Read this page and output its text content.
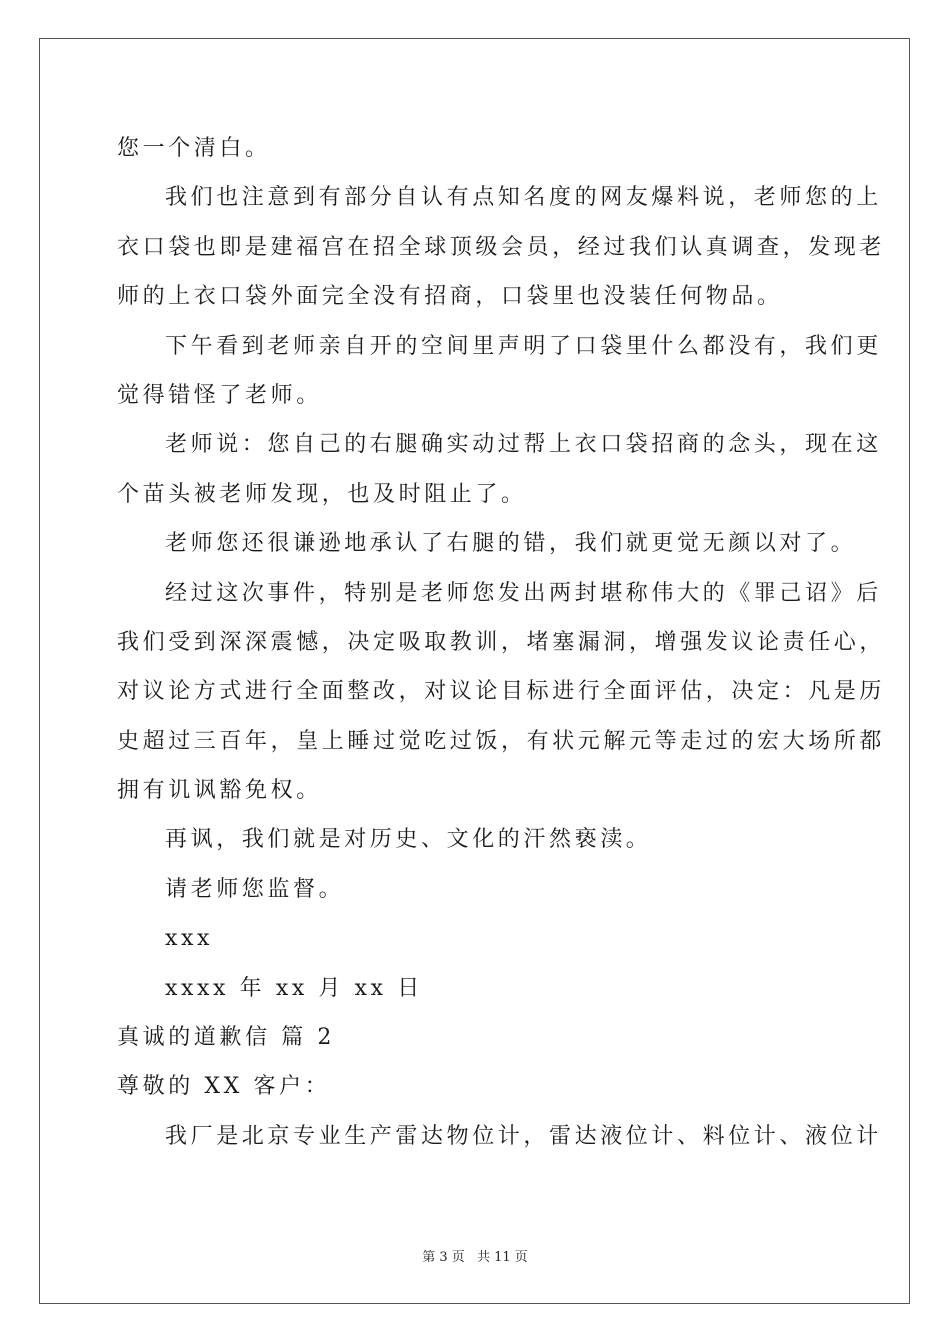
您一个清白。
我们也注意到有部分自认有点知名度的网友爆料说，老师您的上
衣口袋也即是建福宫在招全球顶级会员，经过我们认真调查，发现老
师的上衣口袋外面完全没有招商，口袋里也没装任何物品。
下午看到老师亲自开的空间里声明了口袋里什么都没有，我们更
觉得错怪了老师。
老师说：您自己的右腿确实动过帮上衣口袋招商的念头，现在这
个苗头被老师发现，也及时阻止了。
老师您还很谦逊地承认了右腿的错，我们就更觉无颜以对了。
经过这次事件，特别是老师您发出两封堪称伟大的《罪己诏》后
我们受到深深震憾，决定吸取教训，堵塞漏洞，增强发议论责任心，
对议论方式进行全面整改，对议论目标进行全面评估，决定：凡是历
史超过三百年，皇上睡过觉吃过饭，有状元解元等走过的宏大场所都
拥有讥讽豁免权。
再讽，我们就是对历史、文化的汗然亵渎。
请老师您监督。
xxx
xxxx 年 xx 月 xx 日
真诚的道歉信 篇 2
尊敬的 XX 客户：
我厂是北京专业生产雷达物位计，雷达液位计、料位计、液位计
第 3 页 共 11 页
